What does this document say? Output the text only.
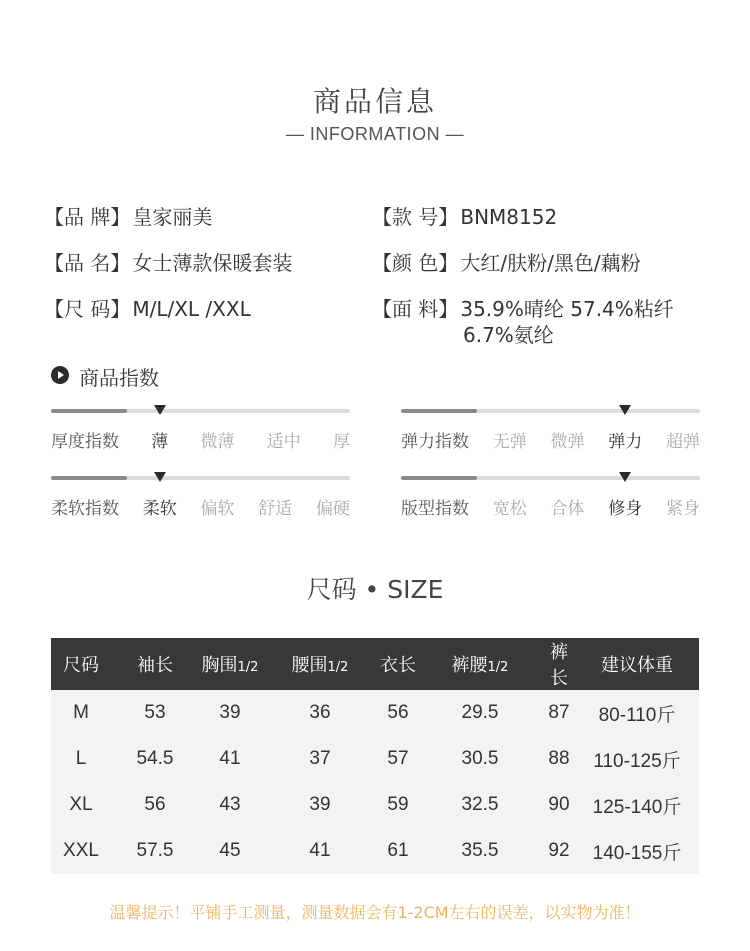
商品信息
— INFORMATION —
【品 牌】 皇家丽美	【款 号】 BNM8152
【品 名】 女士薄款保暖套装	【颜 色】 大红/肤粉/黑色/藕粉
【尺 码】 M/L/XL /XXL	【面 料】 35.9%晴纶 57.4%粘纤
6.7%氨纶
商品指数
厚度指数 薄 微薄 适中 厚	弹力指数 无弹 微弹 弹力 超弹
柔软指数 柔软 偏软 舒适 偏硬	版型指数 宽松 合体 修身 紧身
尺码 • SIZE
尺码	袖长	胸围1/2	腰围1/2	衣长	裤腰1/2	裤长	建议体重
M	53	39	36	56	29.5	87	80-110斤
L	54.5	41	37	57	30.5	88	110-125斤
XL	56	43	39	59	32.5	90	125-140斤
XXL	57.5	45	41	61	35.5	92	140-155斤
温馨提示！平铺手工测量，测量数据会有1-2CM左右的误差，以实物为准！
